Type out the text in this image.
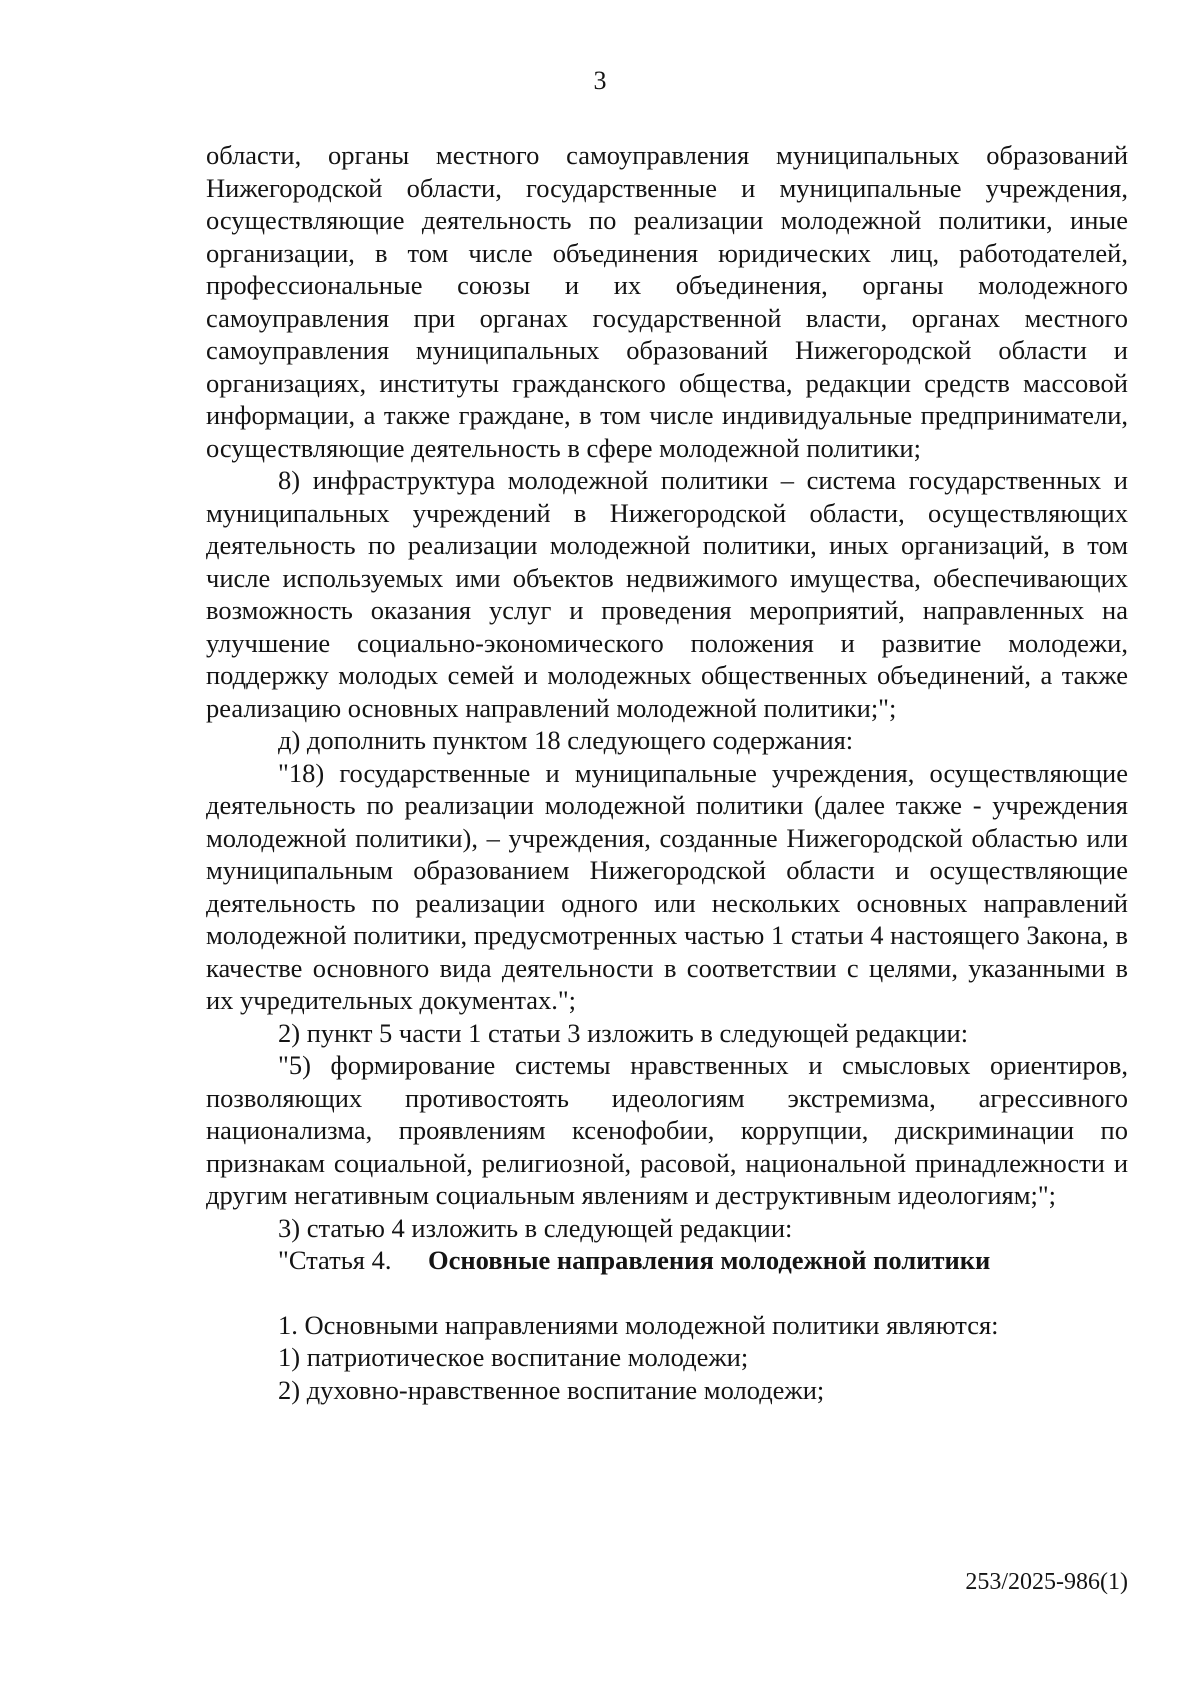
3

области, органы местного самоуправления муниципальных образований Нижегородской области, государственные и муниципальные учреждения, осуществляющие деятельность по реализации молодежной политики, иные организации, в том числе объединения юридических лиц, работодателей, профессиональные союзы и их объединения, органы молодежного самоуправления при органах государственной власти, органах местного самоуправления муниципальных образований Нижегородской области и организациях, институты гражданского общества, редакции средств массовой информации, а также граждане, в том числе индивидуальные предприниматели, осуществляющие деятельность в сфере молодежной политики;

8) инфраструктура молодежной политики – система государственных и муниципальных учреждений в Нижегородской области, осуществляющих деятельность по реализации молодежной политики, иных организаций, в том числе используемых ими объектов недвижимого имущества, обеспечивающих возможность оказания услуг и проведения мероприятий, направленных на улучшение социально-экономического положения и развитие молодежи, поддержку молодых семей и молодежных общественных объединений, а также реализацию основных направлений молодежной политики;";

д) дополнить пунктом 18 следующего содержания:

"18) государственные и муниципальные учреждения, осуществляющие деятельность по реализации молодежной политики (далее также - учреждения молодежной политики), – учреждения, созданные Нижегородской областью или муниципальным образованием Нижегородской области и осуществляющие деятельность по реализации одного или нескольких основных направлений молодежной политики, предусмотренных частью 1 статьи 4 настоящего Закона, в качестве основного вида деятельности в соответствии с целями, указанными в их учредительных документах.";

2) пункт 5 части 1 статьи 3 изложить в следующей редакции:

"5) формирование системы нравственных и смысловых ориентиров, позволяющих противостоять идеологиям экстремизма, агрессивного национализма, проявлениям ксенофобии, коррупции, дискриминации по признакам социальной, религиозной, расовой, национальной принадлежности и другим негативным социальным явлениям и деструктивным идеологиям;";

3) статью 4 изложить в следующей редакции:

"Статья 4. Основные направления молодежной политики

1. Основными направлениями молодежной политики являются:

1) патриотическое воспитание молодежи;

2) духовно-нравственное воспитание молодежи;

253/2025-986(1)
